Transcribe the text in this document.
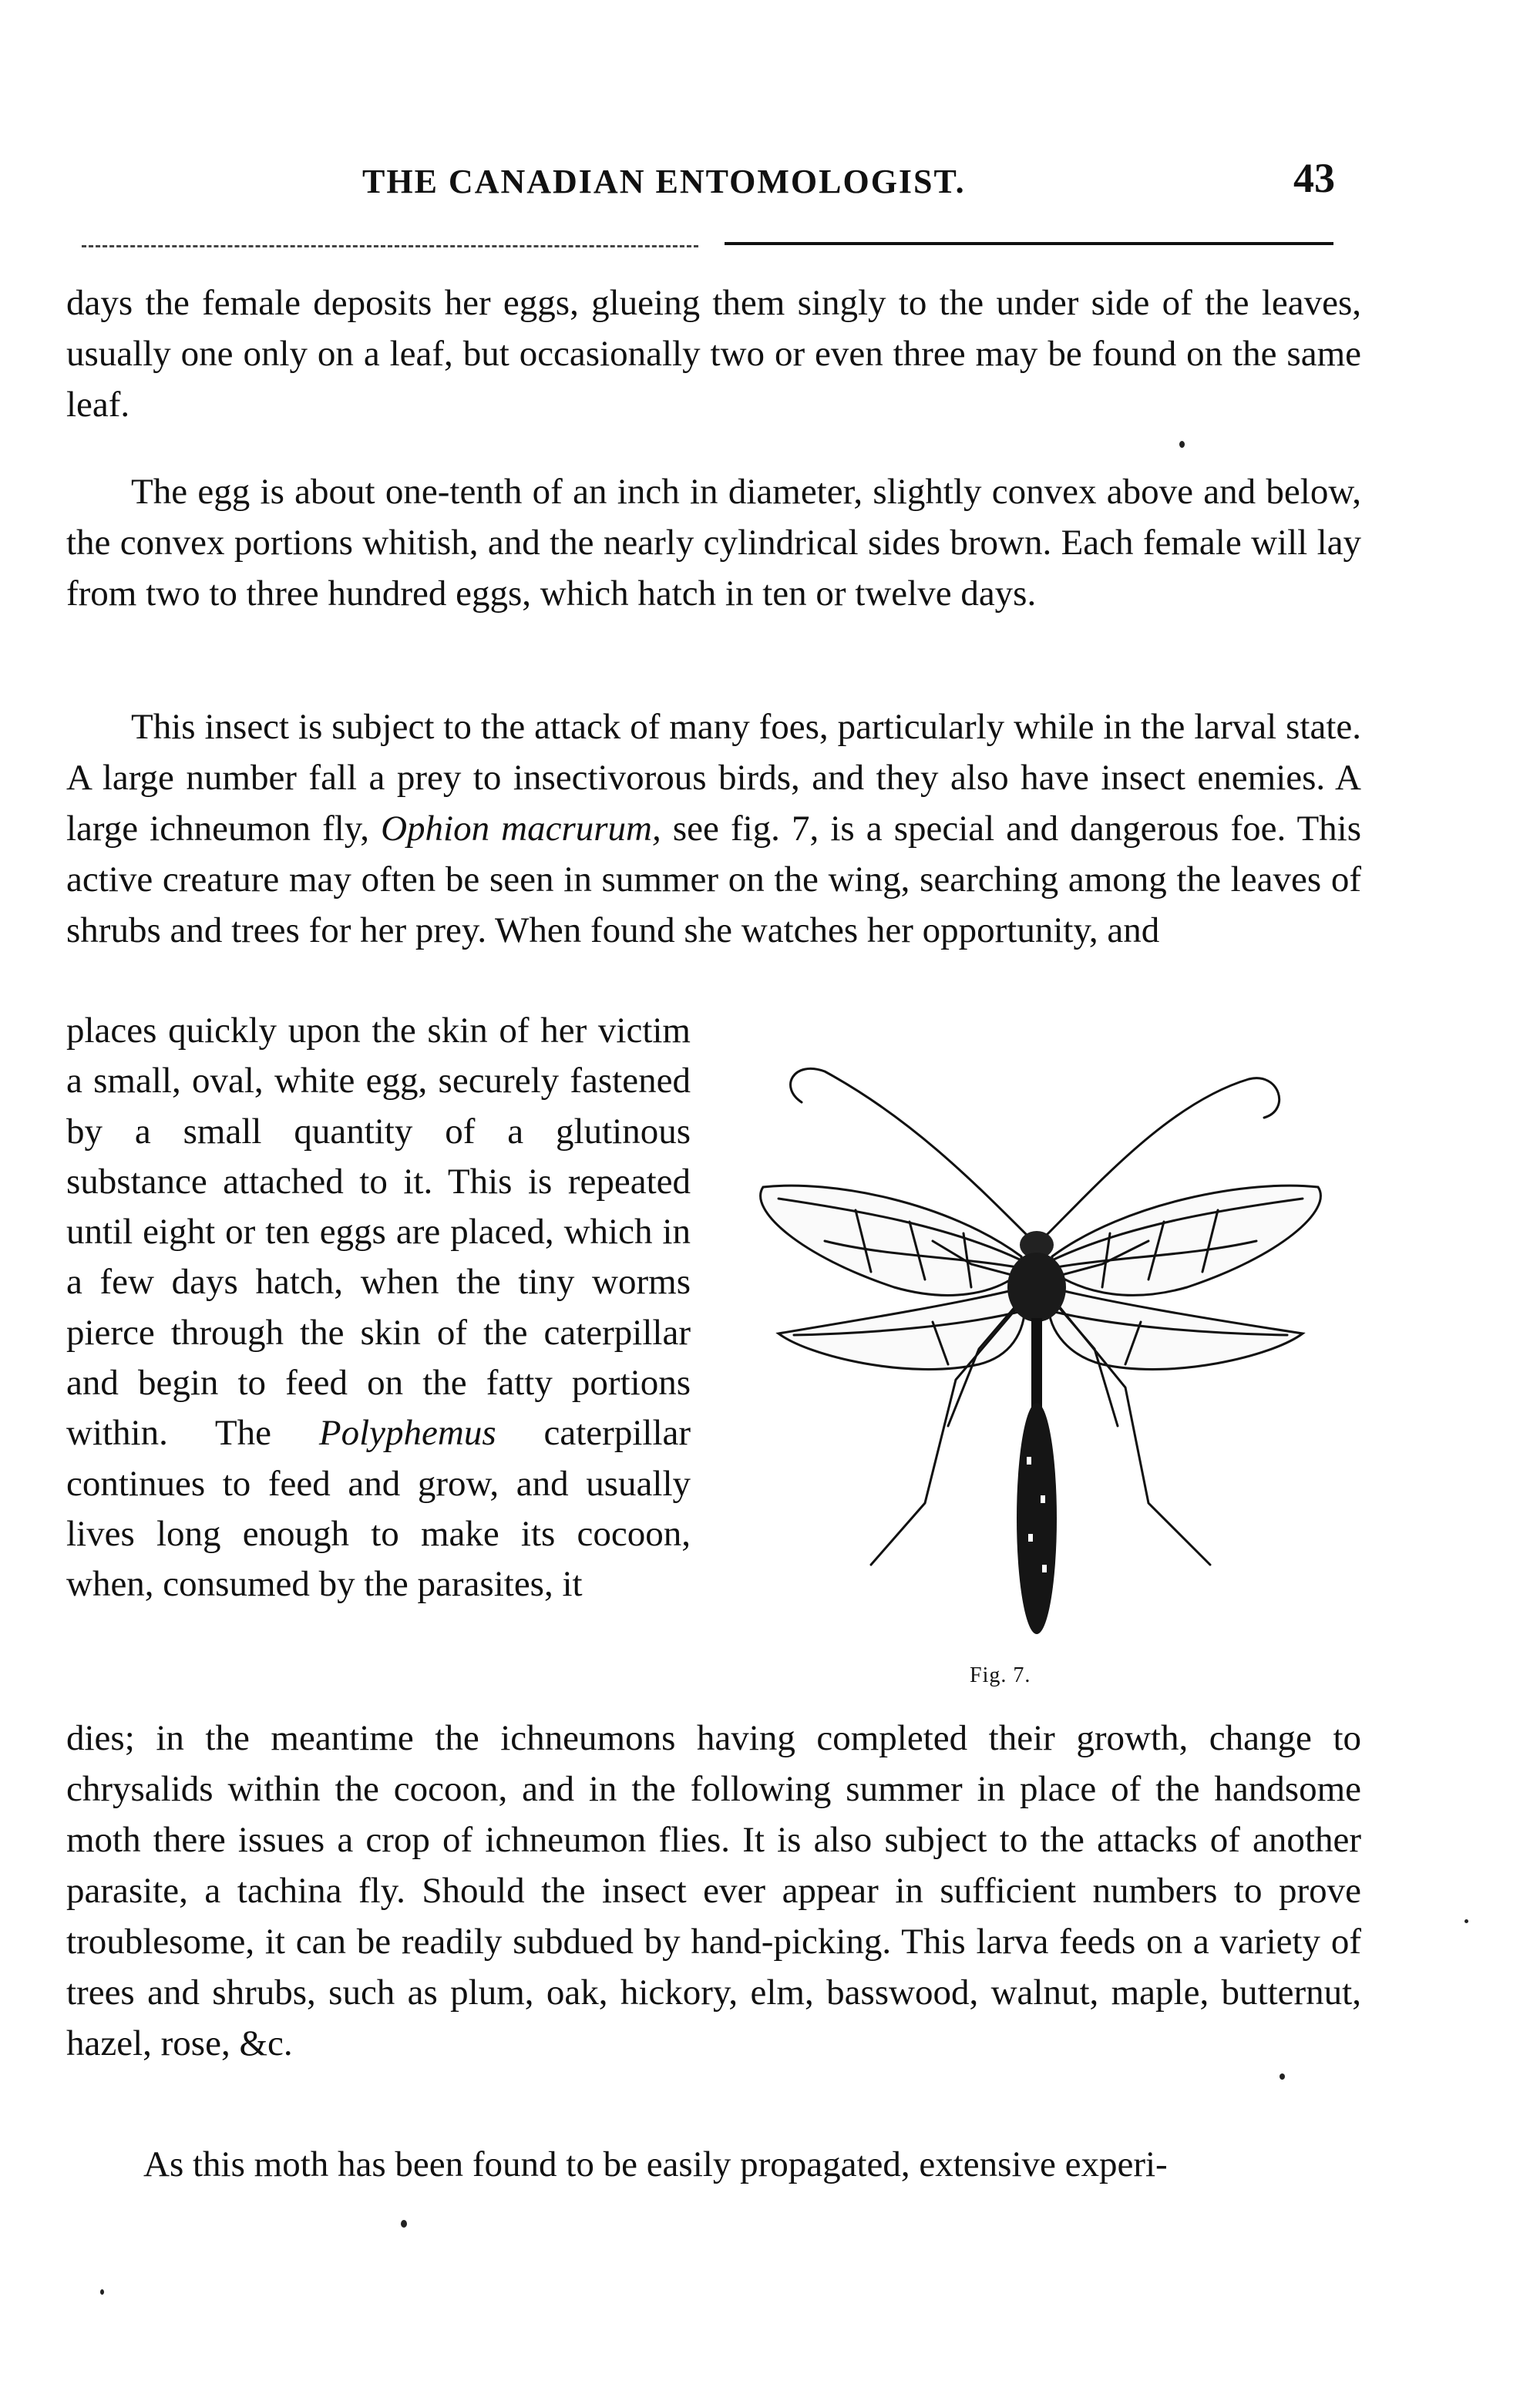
THE CANADIAN ENTOMOLOGIST.	43

days the female deposits her eggs, glueing them singly to the under side of the leaves, usually one only on a leaf, but occasionally two or even three may be found on the same leaf.

The egg is about one-tenth of an inch in diameter, slightly convex above and below, the convex portions whitish, and the nearly cylindrical sides brown. Each female will lay from two to three hundred eggs, which hatch in ten or twelve days.

This insect is subject to the attack of many foes, particularly while in the larval state. A large number fall a prey to insectivorous birds, and they also have insect enemies. A large ichneumon fly, Ophion macrurum, see fig. 7, is a special and dangerous foe. This active creature may often be seen in summer on the wing, searching among the leaves of shrubs and trees for her prey. When found she watches her opportunity, and

places quickly upon the skin of her victim a small, oval, white egg, securely fastened by a small quantity of a glutinous substance attached to it. This is repeated until eight or ten eggs are placed, which in a few days hatch, when the tiny worms pierce through the skin of the caterpillar and begin to feed on the fatty portions within. The Polyphemus caterpillar continues to feed and grow, and usually lives long enough to make its cocoon, when, consumed by the parasites, it
Fig. 7.
dies; in the meantime the ichneumons having completed their growth, change to chrysalids within the cocoon, and in the following summer in place of the handsome moth there issues a crop of ichneumon flies. It is also subject to the attacks of another parasite, a tachina fly. Should the insect ever appear in sufficient numbers to prove troublesome, it can be readily subdued by hand-picking. This larva feeds on a variety of trees and shrubs, such as plum, oak, hickory, elm, basswood, walnut, maple, butternut, hazel, rose, &c.
As this moth has been found to be easily propagated, extensive experi-
